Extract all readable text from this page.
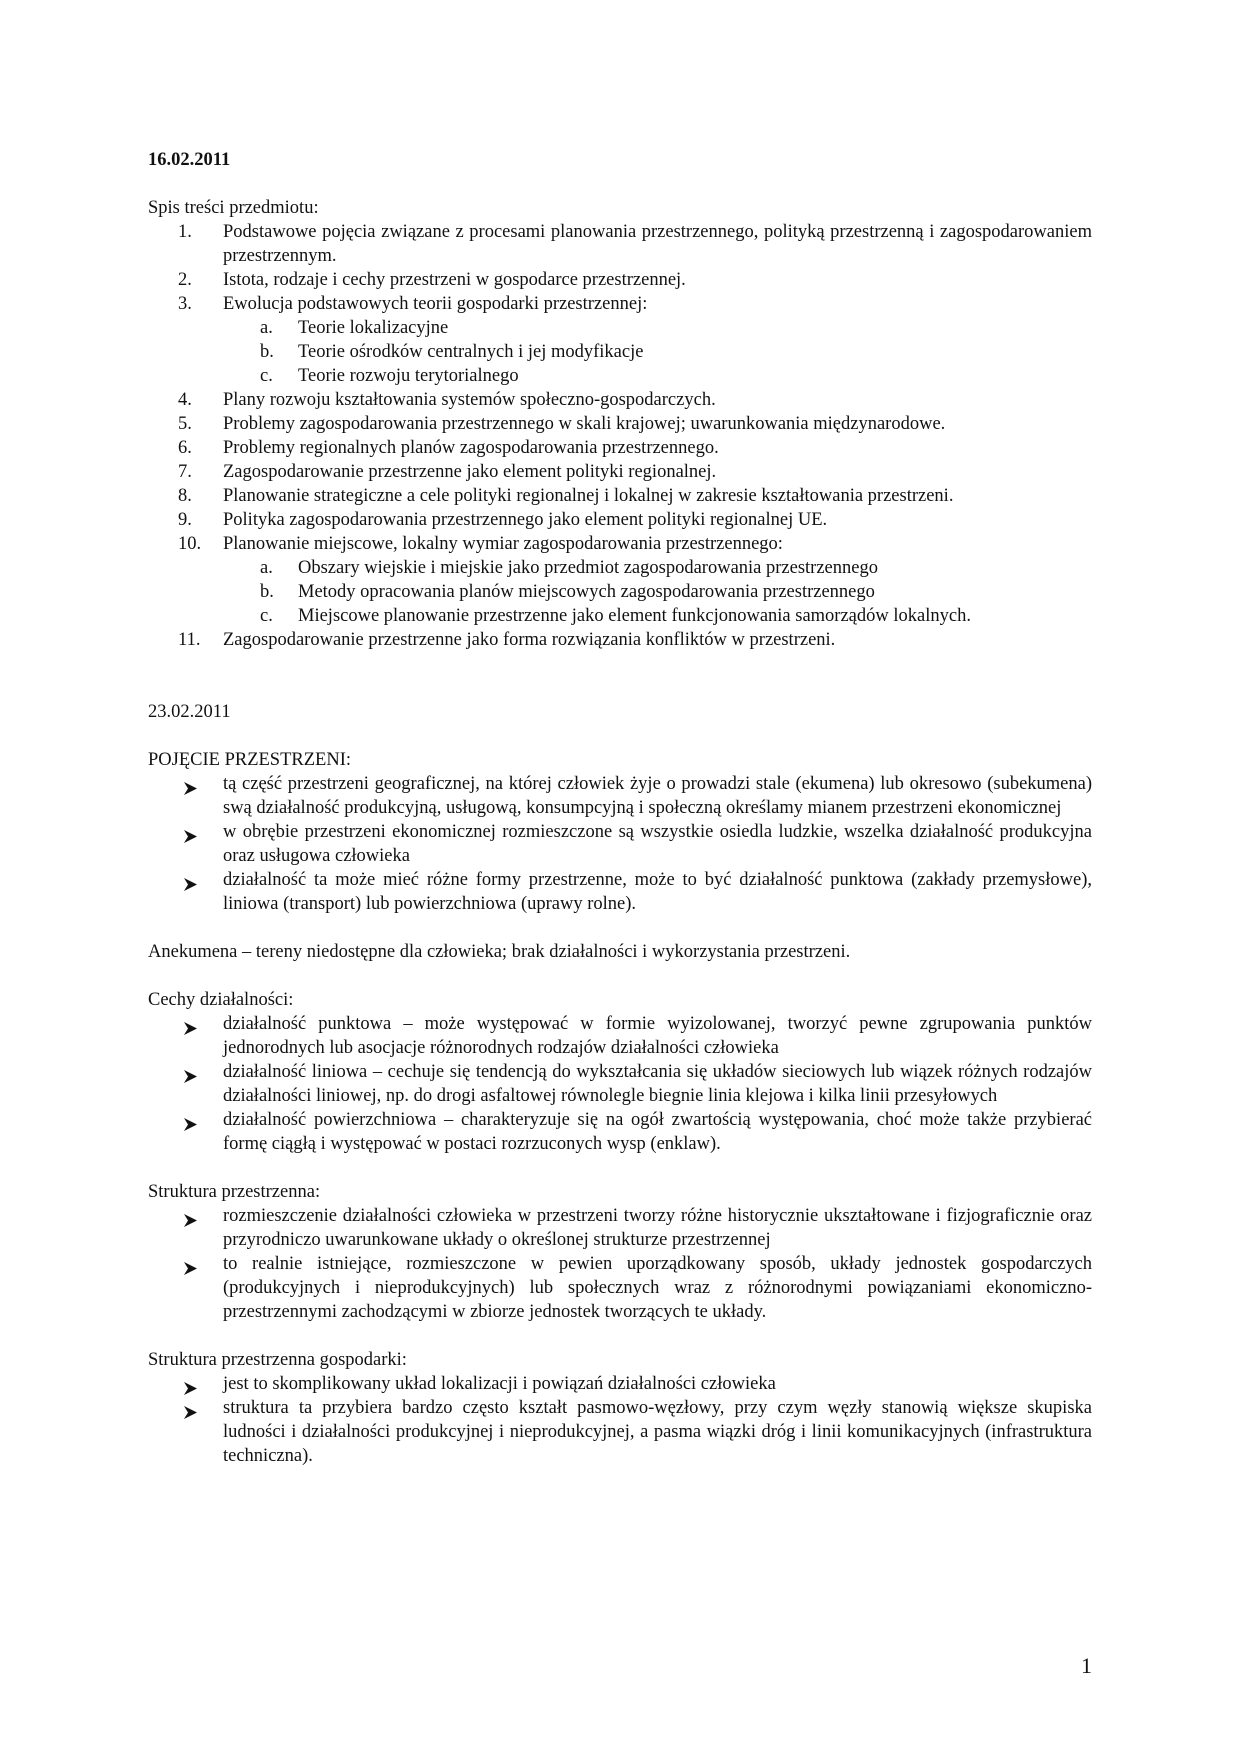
16.02.2011

Spis treści przedmiotu:

1.	Podstawowe pojęcia związane z procesami planowania przestrzennego, polityką przestrzenną i zagospodarowaniem przestrzennym.
2.	Istota, rodzaje i cechy przestrzeni w gospodarce przestrzennej.
3.	Ewolucja podstawowych teorii gospodarki przestrzennej:
a. Teorie lokalizacyjne
b. Teorie ośrodków centralnych i jej modyfikacje
c. Teorie rozwoju terytorialnego
4.	Plany rozwoju kształtowania systemów społeczno-gospodarczych.
5.	Problemy zagospodarowania przestrzennego w skali krajowej; uwarunkowania międzynarodowe.
6.	Problemy regionalnych planów zagospodarowania przestrzennego.
7.	Zagospodarowanie przestrzenne jako element polityki regionalnej.
8.	Planowanie strategiczne a cele polityki regionalnej i lokalnej w zakresie kształtowania przestrzeni.
9.	Polityka zagospodarowania przestrzennego jako element polityki regionalnej UE.
10.	Planowanie miejscowe, lokalny wymiar zagospodarowania przestrzennego:
a. Obszary wiejskie i miejskie jako przedmiot zagospodarowania przestrzennego
b. Metody opracowania planów miejscowych zagospodarowania przestrzennego
c. Miejscowe planowanie przestrzenne jako element funkcjonowania samorządów lokalnych.
11.	Zagospodarowanie przestrzenne jako forma rozwiązania konfliktów w przestrzeni.

23.02.2011

POJĘCIE PRZESTRZENI:

tą część przestrzeni geograficznej, na której człowiek żyje o prowadzi stale (ekumena) lub okresowo (subekumena) swą działalność produkcyjną, usługową, konsumpcyjną i społeczną określamy mianem przestrzeni ekonomicznej
w obrębie przestrzeni ekonomicznej rozmieszczone są wszystkie osiedla ludzkie, wszelka działalność produkcyjna oraz usługowa człowieka
działalność ta może mieć różne formy przestrzenne, może to być działalność punktowa (zakłady przemysłowe), liniowa (transport) lub powierzchniowa (uprawy rolne).

Anekumena – tereny niedostępne dla człowieka; brak działalności i wykorzystania przestrzeni.

Cechy działalności:

działalność punktowa – może występować w formie wyizolowanej, tworzyć pewne zgrupowania punktów jednorodnych lub asocjacje różnorodnych rodzajów działalności człowieka
działalność liniowa – cechuje się tendencją do wykształcania się układów sieciowych lub wiązek różnych rodzajów działalności liniowej, np. do drogi asfaltowej równolegle biegnie linia klejowa i kilka linii przesyłowych
działalność powierzchniowa – charakteryzuje się na ogół zwartością występowania, choć może także przybierać formę ciągłą i występować w postaci rozrzuconych wysp (enklaw).

Struktura przestrzenna:

rozmieszczenie działalności człowieka w przestrzeni tworzy różne historycznie ukształtowane i fizjograficznie oraz przyrodniczo uwarunkowane układy o określonej strukturze przestrzennej
to realnie istniejące, rozmieszczone w pewien uporządkowany sposób, układy jednostek gospodarczych (produkcyjnych i nieprodukcyjnych) lub społecznych wraz z różnorodnymi powiązaniami ekonomiczno-przestrzennymi zachodzącymi w zbiorze jednostek tworzących te układy.

Struktura przestrzenna gospodarki:

jest to skomplikowany układ lokalizacji i powiązań działalności człowieka
struktura ta przybiera bardzo często kształt pasmowo-węzłowy, przy czym węzły stanowią większe skupiska ludności i działalności produkcyjnej i nieprodukcyjnej, a pasma wiązki dróg i linii komunikacyjnych (infrastruktura techniczna).
1
